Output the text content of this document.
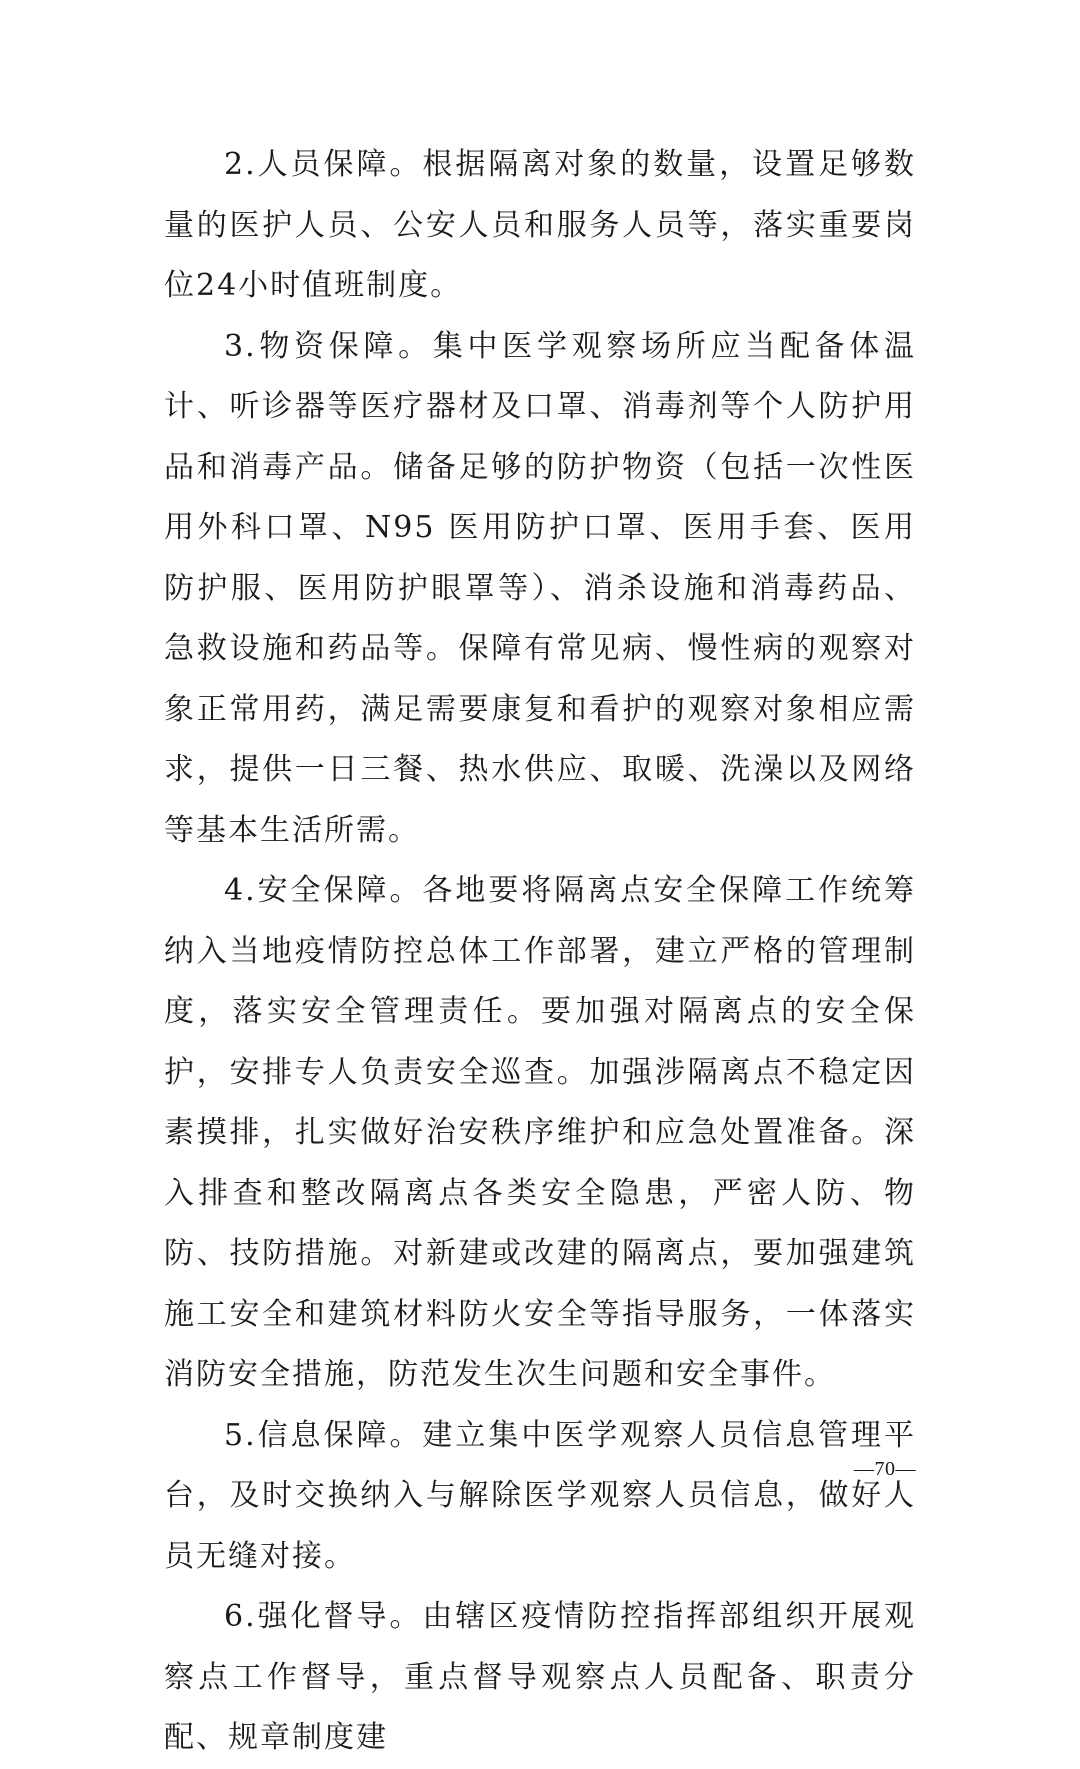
2.人员保障。根据隔离对象的数量，设置足够数量的医护人员、公安人员和服务人员等，落实重要岗位24小时值班制度。

3.物资保障。集中医学观察场所应当配备体温计、听诊器等医疗器材及口罩、消毒剂等个人防护用品和消毒产品。储备足够的防护物资（包括一次性医用外科口罩、N95 医用防护口罩、医用手套、医用防护服、医用防护眼罩等）、消杀设施和消毒药品、急救设施和药品等。保障有常见病、慢性病的观察对象正常用药，满足需要康复和看护的观察对象相应需求，提供一日三餐、热水供应、取暖、洗澡以及网络等基本生活所需。

4.安全保障。各地要将隔离点安全保障工作统筹纳入当地疫情防控总体工作部署，建立严格的管理制度，落实安全管理责任。要加强对隔离点的安全保护，安排专人负责安全巡查。加强涉隔离点不稳定因素摸排，扎实做好治安秩序维护和应急处置准备。深入排查和整改隔离点各类安全隐患，严密人防、物防、技防措施。对新建或改建的隔离点，要加强建筑施工安全和建筑材料防火安全等指导服务，一体落实消防安全措施，防范发生次生问题和安全事件。

5.信息保障。建立集中医学观察人员信息管理平台，及时交换纳入与解除医学观察人员信息，做好人员无缝对接。

6.强化督导。由辖区疫情防控指挥部组织开展观察点工作督导，重点督导观察点人员配备、职责分配、规章制度建

—70—
